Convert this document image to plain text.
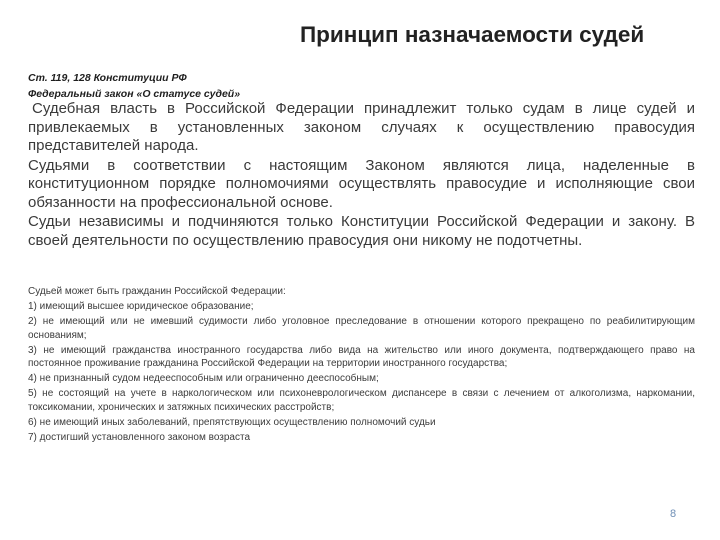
Принцип назначаемости судей
Ст. 119, 128 Конституции РФ
Федеральный закон «О статусе судей»

Судебная власть в Российской Федерации принадлежит только судам в лице судей и привлекаемых в установленных законом случаях к осуществлению правосудия представителей народа.

Судьями в соответствии с настоящим Законом являются лица, наделенные в конституционном порядке полномочиями осуществлять правосудие и исполняющие свои обязанности на профессиональной основе.

Судьи независимы и подчиняются только Конституции Российской Федерации и закону. В своей деятельности по осуществлению правосудия они никому не подотчетны.

Судьей может быть гражданин Российской Федерации:

1) имеющий высшее юридическое образование;

2) не имеющий или не имевший судимости либо уголовное преследование в отношении которого прекращено по реабилитирующим основаниям;

3) не имеющий гражданства иностранного государства либо вида на жительство или иного документа, подтверждающего право на постоянное проживание гражданина Российской Федерации на территории иностранного государства;

4) не признанный судом недееспособным или ограниченно дееспособным;

5) не состоящий на учете в наркологическом или психоневрологическом диспансере в связи с лечением от алкоголизма, наркомании, токсикомании, хронических и затяжных психических расстройств;

6) не имеющий иных заболеваний, препятствующих осуществлению полномочий судьи

7) достигший установленного законом возраста

8
